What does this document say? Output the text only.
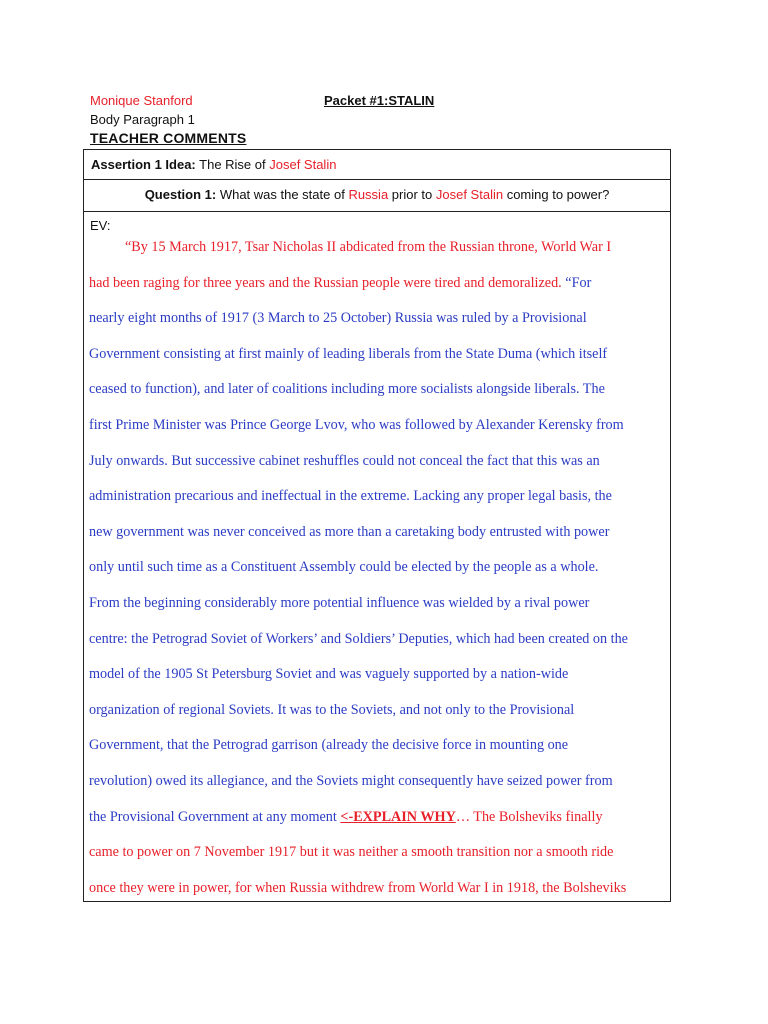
Monique Stanford	Packet #1:STALIN
Body Paragraph 1
TEACHER COMMENTS
Assertion 1 Idea: The Rise of Josef Stalin
Question 1: What was the state of Russia prior to Josef Stalin coming to power?
EV:
“By 15 March 1917, Tsar Nicholas II abdicated from the Russian throne, World War I
had been raging for three years and the Russian people were tired and demoralized. “For
nearly eight months of 1917 (3 March to 25 October) Russia was ruled by a Provisional
Government consisting at first mainly of leading liberals from the State Duma (which itself
ceased to function), and later of coalitions including more socialists alongside liberals. The
first Prime Minister was Prince George Lvov, who was followed by Alexander Kerensky from
July onwards. But successive cabinet reshuffles could not conceal the fact that this was an
administration precarious and ineffectual in the extreme. Lacking any proper legal basis, the
new government was never conceived as more than a caretaking body entrusted with power
only until such time as a Constituent Assembly could be elected by the people as a whole.
From the beginning considerably more potential influence was wielded by a rival power
centre: the Petrograd Soviet of Workers’ and Soldiers’ Deputies, which had been created on the
model of the 1905 St Petersburg Soviet and was vaguely supported by a nation-wide
organization of regional Soviets. It was to the Soviets, and not only to the Provisional
Government, that the Petrograd garrison (already the decisive force in mounting one
revolution) owed its allegiance, and the Soviets might consequently have seized power from
the Provisional Government at any moment <-EXPLAIN WHY… The Bolsheviks finally
came to power on 7 November 1917 but it was neither a smooth transition nor a smooth ride
once they were in power, for when Russia withdrew from World War I in 1918, the Bolsheviks
